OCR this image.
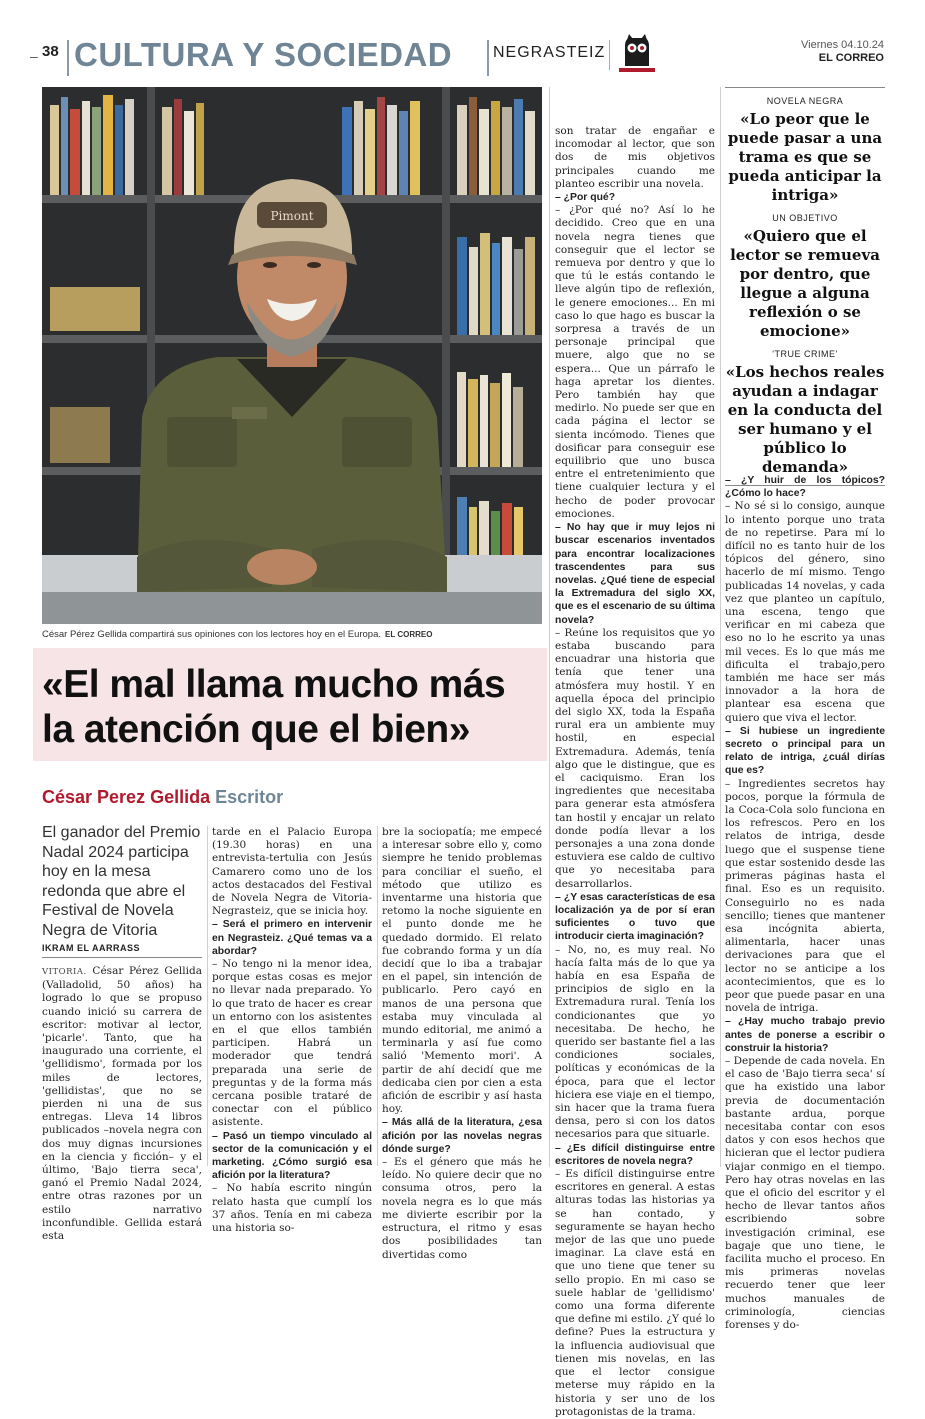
– 38 CULTURA Y SOCIEDAD	NEGRASTEIZ	Viernes 04.10.24
EL CORREO
Pimont
César Pérez Gellida compartirá sus opiniones con los lectores hoy en el Europa. EL CORREO
«El mal llama mucho más la atención que el bien»
César Perez Gellida Escritor
El ganador del Premio Nadal 2024 participa hoy en la mesa redonda que abre el Festival de Novela Negra de Vitoria
IKRAM EL AARRASS

VITORIA. César Pérez Gellida (Valladolid, 50 años) ha logrado lo que se propuso cuando inició su carrera de escritor: motivar al lector, 'picarle'. Tanto, que ha inaugurado una corriente, el 'gellidismo', formada por los miles de lectores, 'gellidistas', que no se pierden ni una de sus entregas. Lleva 14 libros publicados –novela negra con dos muy dignas incursiones en la ciencia y ficción– y el último, 'Bajo tierra seca', ganó el Premio Nadal 2024, entre otras razones por un estilo narrativo inconfundible. Gellida estará esta

tarde en el Palacio Europa (19.30 horas) en una entrevista-tertulia con Jesús Camarero como uno de los actos destacados del Festival de Novela Negra de Vitoria-Negrasteiz, que se inicia hoy.

– Será el primero en intervenir en Negrasteiz. ¿Qué temas va a abordar?

– No tengo ni la menor idea, porque estas cosas es mejor no llevar nada preparado. Yo lo que trato de hacer es crear un entorno con los asistentes en el que ellos también participen. Habrá un moderador que tendrá preparada una serie de preguntas y de la forma más cercana posible trataré de conectar con el público asistente.

– Pasó un tiempo vinculado al sector de la comunicación y el marketing. ¿Cómo surgió esa afición por la literatura?

– No había escrito ningún relato hasta que cumplí los 37 años. Tenía en mi cabeza una historia so-

bre la sociopatía; me empecé a interesar sobre ello y, como siempre he tenido problemas para conciliar el sueño, el método que utilizo es inventarme una historia que retomo la noche siguiente en el punto donde me he quedado dormido. El relato fue cobrando forma y un día decidí que lo iba a trabajar en el papel, sin intención de publicarlo. Pero cayó en manos de una persona que estaba muy vinculada al mundo editorial, me animó a terminarla y así fue como salió 'Memento mori'. A partir de ahí decidí que me dedicaba cien por cien a esta afición de escribir y así hasta hoy.

– Más allá de la literatura, ¿esa afición por las novelas negras dónde surge?

– Es el género que más he leído. No quiere decir que no consuma otros, pero la novela negra es lo que más me divierte escribir por la estructura, el ritmo y esas dos posibilidades tan divertidas como

son tratar de engañar e incomodar al lector, que son dos de mis objetivos principales cuando me planteo escribir una novela.

– ¿Por qué?

– ¿Por qué no? Así lo he decidido. Creo que en una novela negra tienes que conseguir que el lector se remueva por dentro y que lo que tú le estás contando le lleve algún tipo de reflexión, le genere emociones... En mi caso lo que hago es buscar la sorpresa a través de un personaje principal que muere, algo que no se espera... Que un párrafo le haga apretar los dientes. Pero también hay que medirlo. No puede ser que en cada página el lector se sienta incómodo. Tienes que dosificar para conseguir ese equilibrio que uno busca entre el entretenimiento que tiene cualquier lectura y el hecho de poder provocar emociones.

– No hay que ir muy lejos ni buscar escenarios inventados para encontrar localizaciones trascendentes para sus novelas. ¿Qué tiene de especial la Extremadura del siglo XX, que es el escenario de su última novela?

– Reúne los requisitos que yo estaba buscando para encuadrar una historia que tenía que tener una atmósfera muy hostil. Y en aquella época del principio del siglo XX, toda la España rural era un ambiente muy hostil, en especial Extremadura. Además, tenía algo que le distingue, que es el caciquismo. Eran los ingredientes que necesitaba para generar esta atmósfera tan hostil y encajar un relato donde podía llevar a los personajes a una zona donde estuviera ese caldo de cultivo que yo necesitaba para desarrollarlos.

– ¿Y esas características de esa localización ya de por sí eran suficientes o tuvo que introducir cierta imaginación?

– No, no, es muy real. No hacía falta más de lo que ya había en esa España de principios de siglo en la Extremadura rural. Tenía los condicionantes que yo necesitaba. De hecho, he querido ser bastante fiel a las condiciones sociales, políticas y económicas de la época, para que el lector hiciera ese viaje en el tiempo, sin hacer que la trama fuera densa, pero si con los datos necesarios para que situarle.

– ¿Es difícil distinguirse entre escritores de novela negra?

– Es difícil distinguirse entre escritores en general. A estas alturas todas las historias ya se han contado, y seguramente se hayan hecho mejor de las que uno puede imaginar. La clave está en que uno tiene que tener su sello propio. En mi caso se suele hablar de 'gellidismo' como una forma diferente que define mi estilo. ¿Y qué lo define? Pues la estructura y la influencia audiovisual que tienen mis novelas, en las que el lector consigue meterse muy rápido en la historia y ser uno de los protagonistas de la trama.

NOVELA NEGRA
«Lo peor que le puede pasar a una trama es que se pueda anticipar la intriga»
UN OBJETIVO
«Quiero que el lector se remueva por dentro, que llegue a alguna reflexión o se emocione»
'TRUE CRIME'
«Los hechos reales ayudan a indagar en la conducta del ser humano y el público lo demanda»

– ¿Y huir de los tópicos? ¿Cómo lo hace?

– No sé si lo consigo, aunque lo intento porque uno trata de no repetirse. Para mí lo difícil no es tanto huir de los tópicos del género, sino hacerlo de mí mismo. Tengo publicadas 14 novelas, y cada vez que planteo un capítulo, una escena, tengo que verificar en mi cabeza que eso no lo he escrito ya unas mil veces. Es lo que más me dificulta el trabajo,pero también me hace ser más innovador a la hora de plantear esa escena que quiero que viva el lector.

– Si hubiese un ingrediente secreto o principal para un relato de intriga, ¿cuál dirías que es?

– Ingredientes secretos hay pocos, porque la fórmula de la Coca-Cola solo funciona en los refrescos. Pero en los relatos de intriga, desde luego que el suspense tiene que estar sostenido desde las primeras páginas hasta el final. Eso es un requisito. Conseguirlo no es nada sencillo; tienes que mantener esa incógnita abierta, alimentarla, hacer unas derivaciones para que el lector no se anticipe a los acontecimientos, que es lo peor que puede pasar en una novela de intriga.

– ¿Hay mucho trabajo previo antes de ponerse a escribir o construir la historia?

– Depende de cada novela. En el caso de 'Bajo tierra seca' sí que ha existido una labor previa de documentación bastante ardua, porque necesitaba contar con esos datos y con esos hechos que hicieran que el lector pudiera viajar conmigo en el tiempo. Pero hay otras novelas en las que el oficio del escritor y el hecho de llevar tantos años escribiendo sobre investigación criminal, ese bagaje que uno tiene, le facilita mucho el proceso. En mis primeras novelas recuerdo tener que leer muchos manuales de criminología, ciencias forenses y do-
